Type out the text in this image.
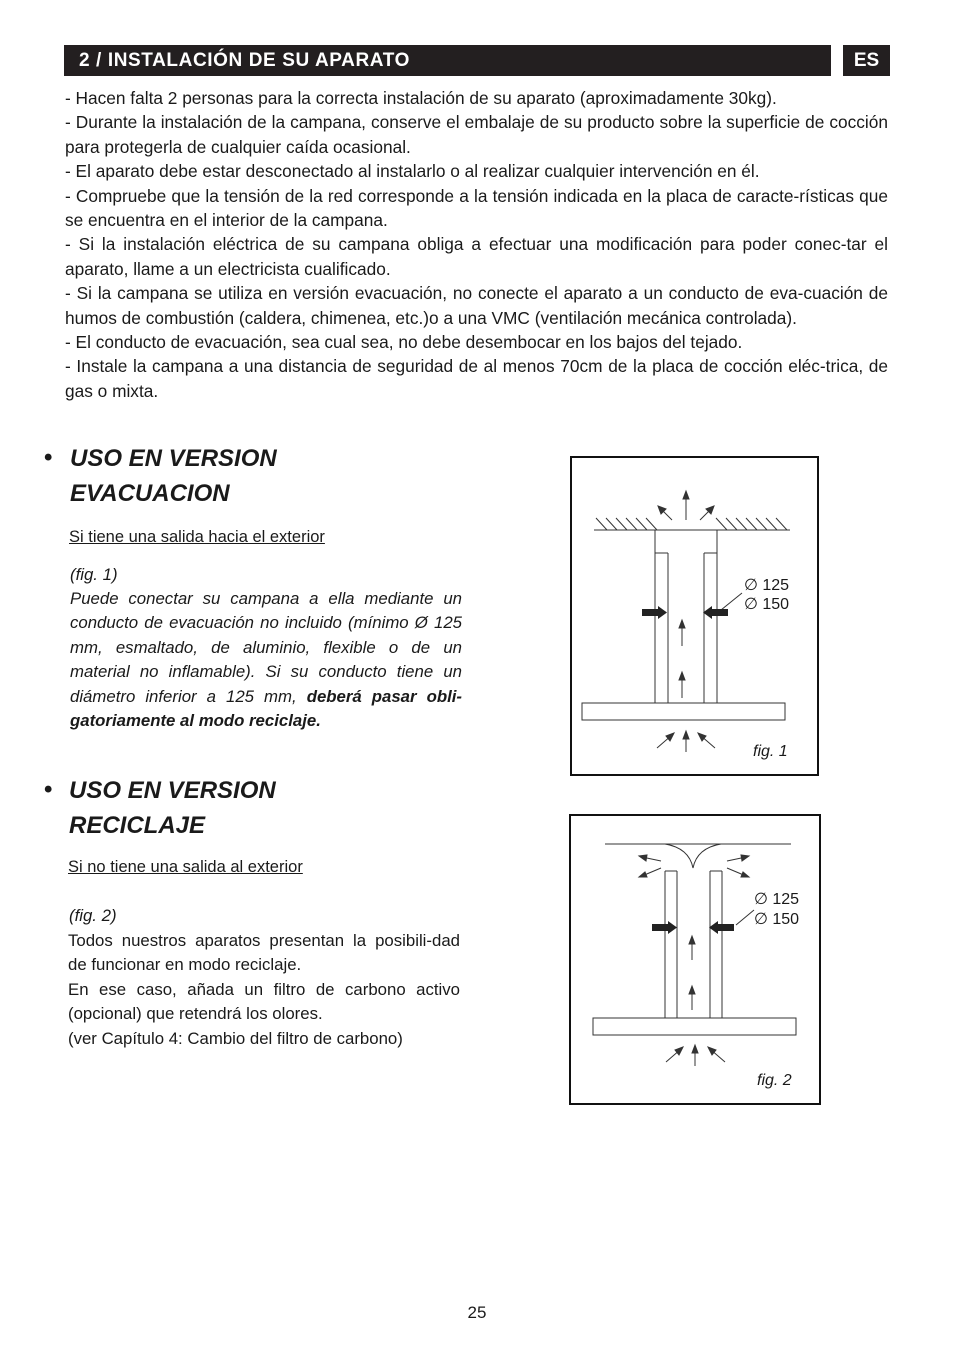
2 / INSTALACIÓN DE SU APARATO	ES

- Hacen falta 2 personas para la correcta instalación de su aparato (aproximadamente 30kg).

- Durante la instalación de la campana, conserve el embalaje de su producto sobre la superficie de cocción para protegerla de cualquier caída ocasional.

- El aparato debe estar desconectado al instalarlo o al realizar cualquier intervención en él.

- Compruebe que la tensión de la red corresponde a la tensión indicada en la placa de caracte-rísticas que se encuentra en el interior de la campana.

- Si la instalación eléctrica de su campana obliga a efectuar una modificación para poder conec-tar el aparato, llame a un electricista cualificado.

- Si la campana se utiliza en versión evacuación, no conecte el aparato a un conducto de eva-cuación de humos de combustión (caldera, chimenea, etc.)o a una VMC (ventilación mecánica controlada).

- El conducto de evacuación, sea cual sea, no debe desembocar en los bajos del tejado.

- Instale la campana a una distancia de seguridad de al menos 70cm de la placa de cocción eléc-trica, de gas o mixta.

• USO EN VERSION
EVACUACION
Si tiene una salida hacia el exterior
(fig. 1)
Puede conectar su campana a ella mediante un conducto de evacuación no incluido (mínimo Ø 125 mm, esmaltado, de aluminio, flexible o de un material no inflamable). Si su conducto tiene un diámetro inferior a 125 mm, deberá pasar obli-gatoriamente al modo reciclaje.
∅ 125
∅ 150
fig. 1
• USO EN VERSION
RECICLAJE
Si no tiene una salida al exterior
(fig. 2)
Todos nuestros aparatos presentan la posibili-dad de funcionar en modo reciclaje.
En ese caso, añada un filtro de carbono activo (opcional) que retendrá los olores.
(ver Capítulo 4: Cambio del filtro de carbono)
∅ 125
∅ 150
fig. 2
25
